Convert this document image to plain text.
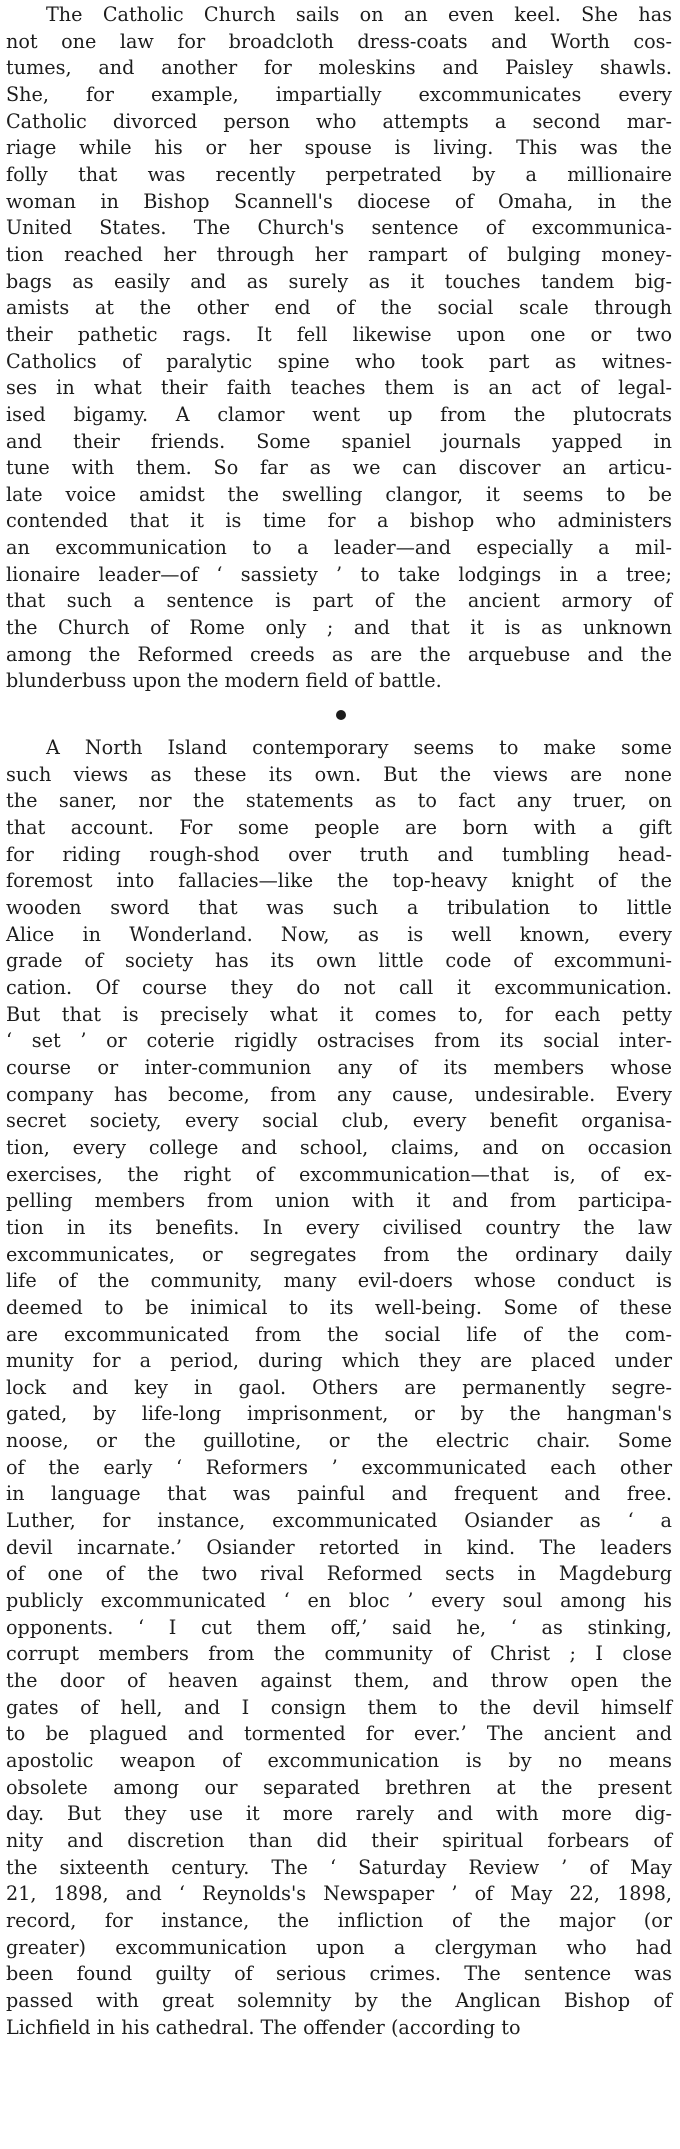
The Catholic Church sails on an even keel. She has
not one law for broadcloth dress-coats and Worth cos-
tumes, and another for moleskins and Paisley shawls.
She, for example, impartially excommunicates every
Catholic divorced person who attempts a second mar-
riage while his or her spouse is living. This was the
folly that was recently perpetrated by a millionaire
woman in Bishop Scannell's diocese of Omaha, in the
United States. The Church's sentence of excommunica-
tion reached her through her rampart of bulging money-
bags as easily and as surely as it touches tandem big-
amists at the other end of the social scale through
their pathetic rags. It fell likewise upon one or two
Catholics of paralytic spine who took part as witnes-
ses in what their faith teaches them is an act of legal-
ised bigamy. A clamor went up from the plutocrats
and their friends. Some spaniel journals yapped in
tune with them. So far as we can discover an articu-
late voice amidst the swelling clangor, it seems to be
contended that it is time for a bishop who administers
an excommunication to a leader—and especially a mil-
lionaire leader—of ‘ sassiety ’ to take lodgings in a tree;
that such a sentence is part of the ancient armory of
the Church of Rome only ; and that it is as unknown
among the Reformed creeds as are the arquebuse and the
blunderbuss upon the modern field of battle.
A North Island contemporary seems to make some
such views as these its own. But the views are none
the saner, nor the statements as to fact any truer, on
that account. For some people are born with a gift
for riding rough-shod over truth and tumbling head-
foremost into fallacies—like the top-heavy knight of the
wooden sword that was such a tribulation to little
Alice in Wonderland. Now, as is well known, every
grade of society has its own little code of excommuni-
cation. Of course they do not call it excommunication.
But that is precisely what it comes to, for each petty
‘ set ’ or coterie rigidly ostracises from its social inter-
course or inter-communion any of its members whose
company has become, from any cause, undesirable. Every
secret society, every social club, every benefit organisa-
tion, every college and school, claims, and on occasion
exercises, the right of excommunication—that is, of ex-
pelling members from union with it and from participa-
tion in its benefits. In every civilised country the law
excommunicates, or segregates from the ordinary daily
life of the community, many evil-doers whose conduct is
deemed to be inimical to its well-being. Some of these
are excommunicated from the social life of the com-
munity for a period, during which they are placed under
lock and key in gaol. Others are permanently segre-
gated, by life-long imprisonment, or by the hangman's
noose, or the guillotine, or the electric chair. Some
of the early ‘ Reformers ’ excommunicated each other
in language that was painful and frequent and free.
Luther, for instance, excommunicated Osiander as ‘ a
devil incarnate.’ Osiander retorted in kind. The leaders
of one of the two rival Reformed sects in Magdeburg
publicly excommunicated ‘ en bloc ’ every soul among his
opponents. ‘ I cut them off,’ said he, ‘ as stinking,
corrupt members from the community of Christ ; I close
the door of heaven against them, and throw open the
gates of hell, and I consign them to the devil himself
to be plagued and tormented for ever.’ The ancient and
apostolic weapon of excommunication is by no means
obsolete among our separated brethren at the present
day. But they use it more rarely and with more dig-
nity and discretion than did their spiritual forbears of
the sixteenth century. The ‘ Saturday Review ’ of May
21, 1898, and ‘ Reynolds's Newspaper ’ of May 22, 1898,
record, for instance, the infliction of the major (or
greater) excommunication upon a clergyman who had
been found guilty of serious crimes. The sentence was
passed with great solemnity by the Anglican Bishop of
Lichfield in his cathedral. The offender (according to
